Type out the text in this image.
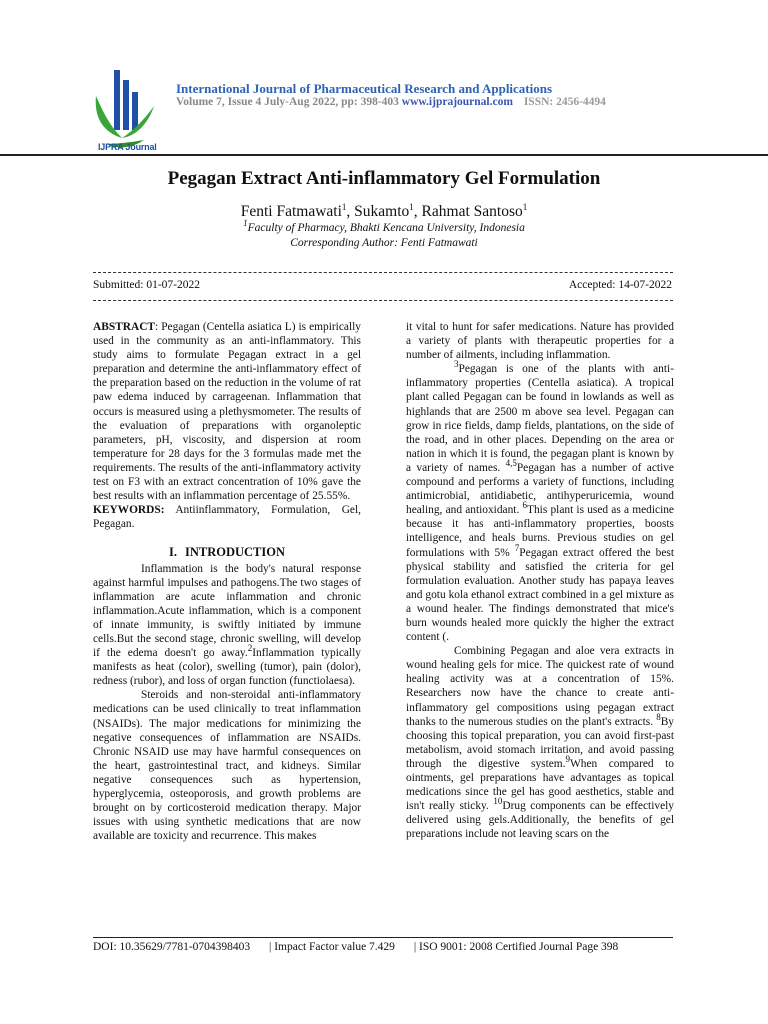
IJPRA Journal
International Journal of Pharmaceutical Research and Applications
Volume 7, Issue 4 July-Aug 2022, pp: 398-403 www.ijprajournal.com ISSN: 2456-4494
Pegagan Extract Anti-inflammatory Gel Formulation
Fenti Fatmawati$^1$, Sukamto$^1$, Rahmat Santoso$^1$
$^1$Faculty of Pharmacy, Bhakti Kencana University, Indonesia
Corresponding Author: Fenti Fatmawati
Submitted: 01-07-2022	Accepted: 14-07-2022

ABSTRACT: Pegagan (Centella asiatica L) is empirically used in the community as an anti-inflammatory. This study aims to formulate Pegagan extract in a gel preparation and determine the anti-inflammatory effect of the preparation based on the reduction in the volume of rat paw edema induced by carrageenan. Inflammation that occurs is measured using a plethysmometer. The results of the evaluation of preparations with organoleptic parameters, pH, viscosity, and dispersion at room temperature for 28 days for the 3 formulas made met the requirements. The results of the anti-inflammatory activity test on F3 with an extract concentration of 10% gave the best results with an inflammation percentage of 25.55%.

KEYWORDS: Antiinflammatory, Formulation, Gel, Pegagan.

I. INTRODUCTION

Inflammation is the body's natural response against harmful impulses and pathogens.The two stages of inflammation are acute inflammation and chronic inflammation.Acute inflammation, which is a component of innate immunity, is swiftly initiated by immune cells.But the second stage, chronic swelling, will develop if the edema doesn't go away.$^2$Inflammation typically manifests as heat (color), swelling (tumor), pain (dolor), redness (rubor), and loss of organ function (functiolaesa).

Steroids and non-steroidal anti-inflammatory medications can be used clinically to treat inflammation (NSAIDs). The major medications for minimizing the negative consequences of inflammation are NSAIDs. Chronic NSAID use may have harmful consequences on the heart, gastrointestinal tract, and kidneys. Similar negative consequences such as hypertension, hyperglycemia, osteoporosis, and growth problems are brought on by corticosteroid medication therapy. Major issues with using synthetic medications that are now available are toxicity and recurrence. This makes

it vital to hunt for safer medications. Nature has provided a variety of plants with therapeutic properties for a number of ailments, including inflammation.

$^3$Pegagan is one of the plants with anti-inflammatory properties (Centella asiatica). A tropical plant called Pegagan can be found in lowlands as well as highlands that are 2500 m above sea level. Pegagan can grow in rice fields, damp fields, plantations, on the side of the road, and in other places. Depending on the area or nation in which it is found, the pegagan plant is known by a variety of names. $^{4,5}$Pegagan has a number of active compound and performs a variety of functions, including antimicrobial, antidiabetic, antihyperuricemia, wound healing, and antioxidant. $^6$This plant is used as a medicine because it has anti-inflammatory properties, boosts intelligence, and heals burns. Previous studies on gel formulations with 5% $^7$Pegagan extract offered the best physical stability and satisfied the criteria for gel formulation evaluation. Another study has papaya leaves and gotu kola ethanol extract combined in a gel mixture as a wound healer. The findings demonstrated that mice's burn wounds healed more quickly the higher the extract content (.

Combining Pegagan and aloe vera extracts in wound healing gels for mice. The quickest rate of wound healing activity was at a concentration of 15%. Researchers now have the chance to create anti-inflammatory gel compositions using pegagan extract thanks to the numerous studies on the plant's extracts. $^8$By choosing this topical preparation, you can avoid first-past metabolism, avoid stomach irritation, and avoid passing through the digestive system.$^9$When compared to ointments, gel preparations have advantages as topical medications since the gel has good aesthetics, stable and isn't really sticky. $^{10}$Drug components can be effectively delivered using gels.Additionally, the benefits of gel preparations include not leaving scars on the

DOI: 10.35629/7781-0704398403 | Impact Factor value 7.429 | ISO 9001: 2008 Certified Journal Page 398
